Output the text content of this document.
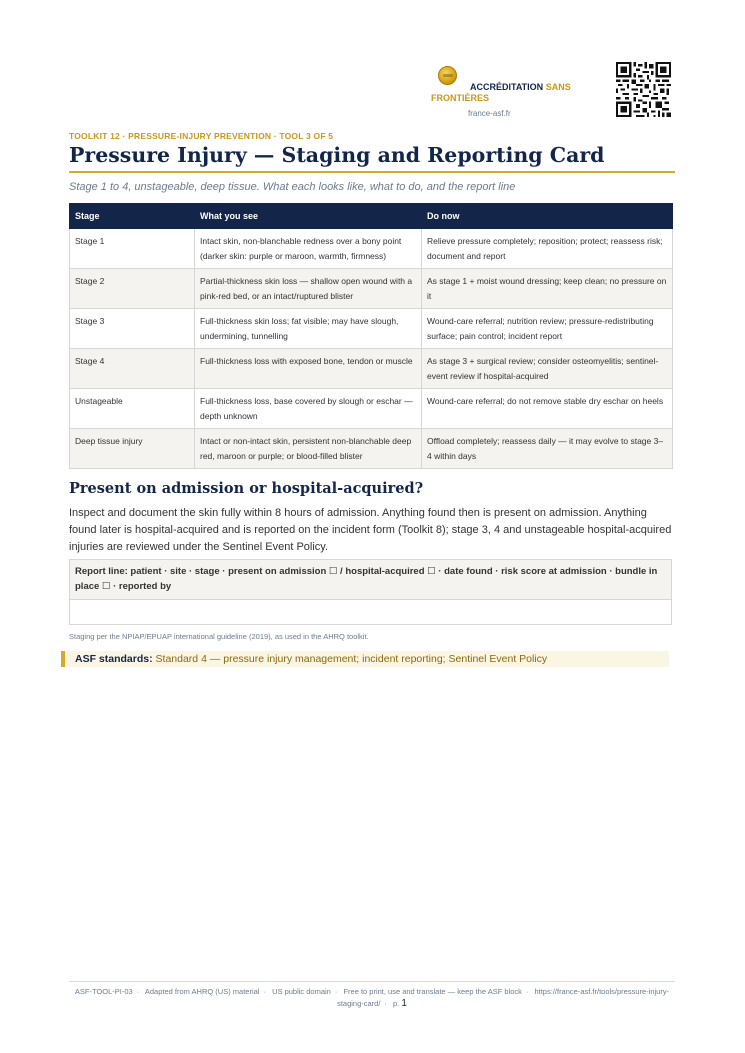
ACCRÉDITATION SANS FRONTIÈRES
france-asf.fr
TOOLKIT 12 · PRESSURE-INJURY PREVENTION · TOOL 3 OF 5
Pressure Injury — Staging and Reporting Card

Stage 1 to 4, unstageable, deep tissue. What each looks like, what to do, and the report line

Stage	What you see	Do now
Stage 1	Intact skin, non-blanchable redness over a bony point (darker skin: purple or maroon, warmth, firmness)	Relieve pressure completely; reposition; protect; reassess risk; document and report
Stage 2	Partial-thickness skin loss — shallow open wound with a pink-red bed, or an intact/ruptured blister	As stage 1 + moist wound dressing; keep clean; no pressure on it
Stage 3	Full-thickness skin loss; fat visible; may have slough, undermining, tunnelling	Wound-care referral; nutrition review; pressure-redistributing surface; pain control; incident report
Stage 4	Full-thickness loss with exposed bone, tendon or muscle	As stage 3 + surgical review; consider osteomyelitis; sentinel-event review if hospital-acquired
Unstageable	Full-thickness loss, base covered by slough or eschar — depth unknown	Wound-care referral; do not remove stable dry eschar on heels
Deep tissue injury	Intact or non-intact skin, persistent non-blanchable deep red, maroon or purple; or blood-filled blister	Offload completely; reassess daily — it may evolve to stage 3–4 within days
Present on admission or hospital-acquired?

Inspect and document the skin fully within 8 hours of admission. Anything found then is present on admission. Anything found later is hospital-acquired and is reported on the incident form (Toolkit 8); stage 3, 4 and unstageable hospital-acquired injuries are reviewed under the Sentinel Event Policy.

Report line: patient · site · stage · present on admission ☐ / hospital-acquired ☐ · date found · risk score at admission · bundle in place ☐ · reported by

Staging per the NPIAP/EPUAP international guideline (2019), as used in the AHRQ toolkit.

ASF standards: Standard 4 — pressure injury management; incident reporting; Sentinel Event Policy
ASF-TOOL-PI-03 · Adapted from AHRQ (US) material · US public domain · Free to print, use and translate — keep the ASF block · https://france-asf.fr/tools/pressure-injury-staging-card/ · p. 1
